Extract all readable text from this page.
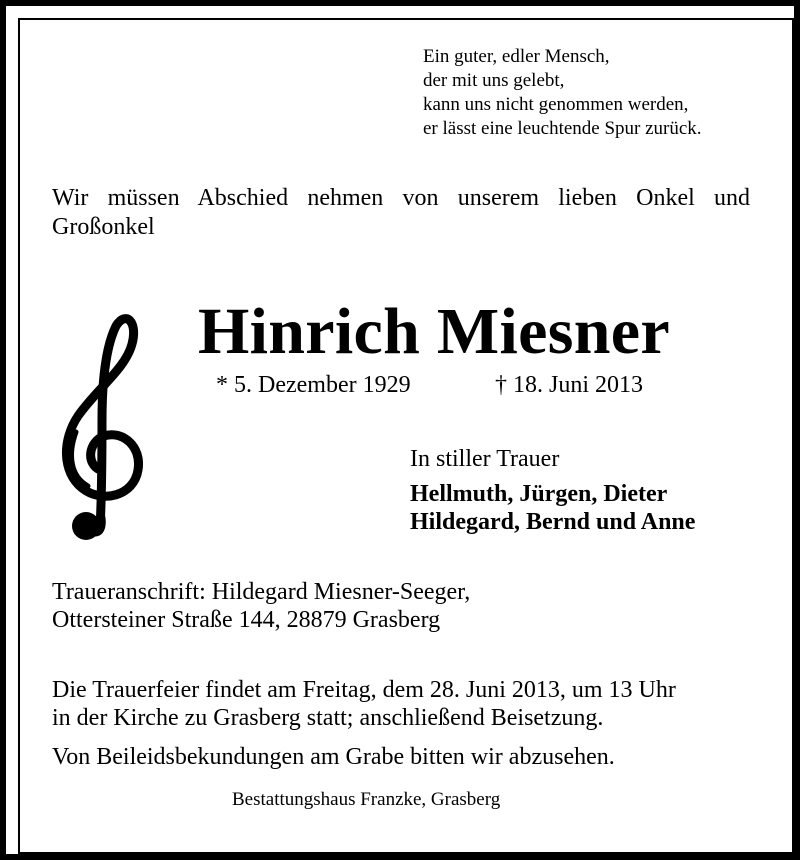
Ein guter, edler Mensch,
der mit uns gelebt,
kann uns nicht genommen werden,
er lässt eine leuchtende Spur zurück.
Wir müssen Abschied nehmen von unserem lieben Onkel und Großonkel
Hinrich Miesner
* 5. Dezember 1929	† 18. Juni 2013
In stiller Trauer
Hellmuth, Jürgen, Dieter
Hildegard, Bernd und Anne
Traueranschrift: Hildegard Miesner-Seeger,
Ottersteiner Straße 144, 28879 Grasberg
Die Trauerfeier findet am Freitag, dem 28. Juni 2013, um 13 Uhr
in der Kirche zu Grasberg statt; anschließend Beisetzung.
Von Beileidsbekundungen am Grabe bitten wir abzusehen.
Bestattungshaus Franzke, Grasberg
